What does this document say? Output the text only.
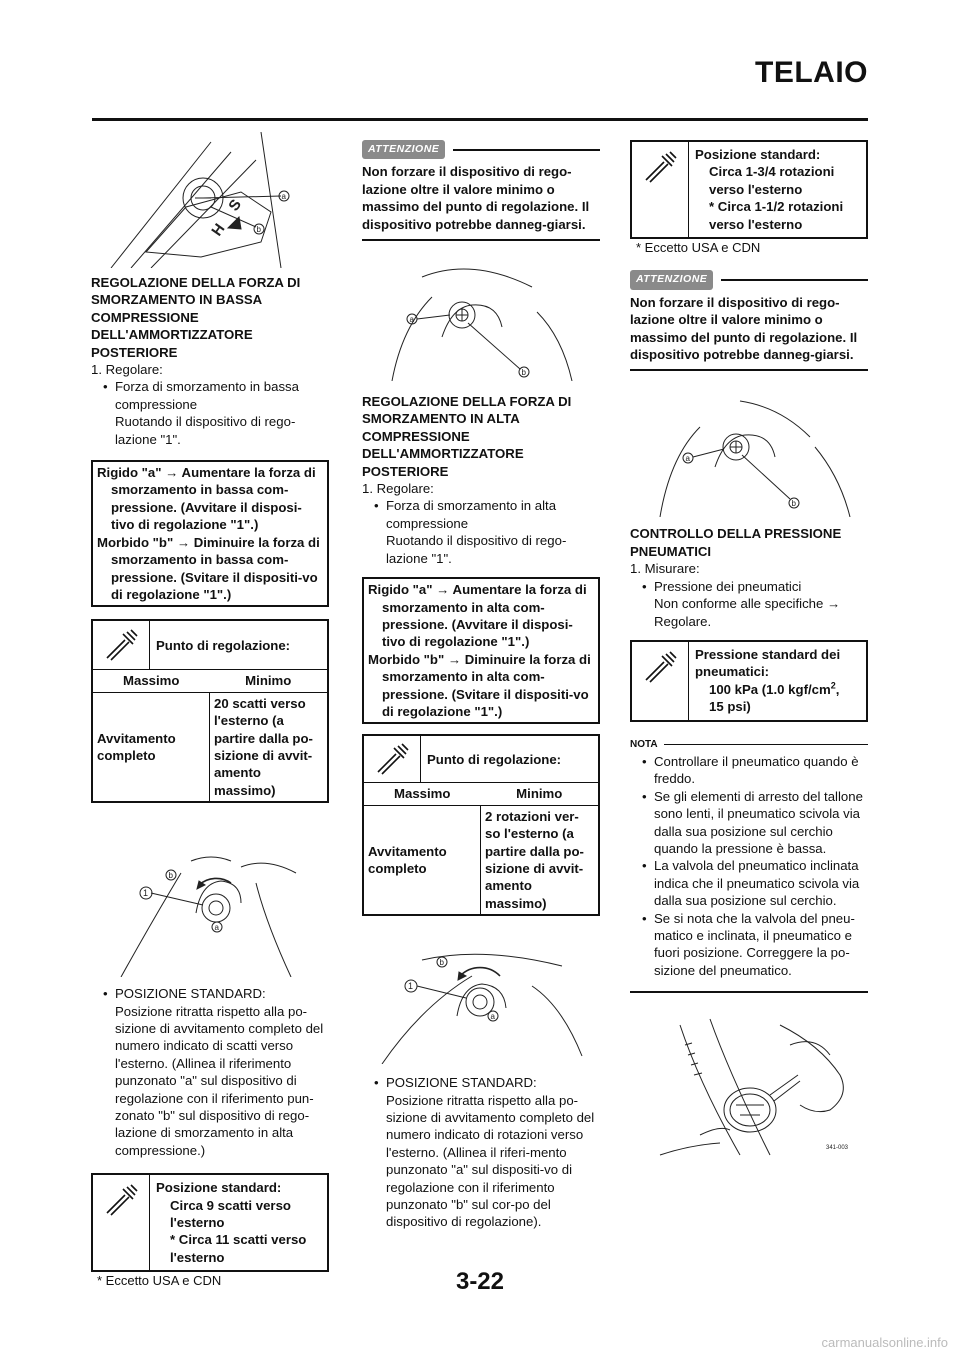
TELAIO
a
b
H
S

REGOLAZIONE DELLA FORZA DI SMORZAMENTO IN BASSA COMPRESSIONE DELL'AMMORTIZZATORE POSTERIORE

1. Regolare:

• Forza di smorzamento in bassa compressione

Ruotando il dispositivo di rego-lazione "1".

Rigido "a" → Aumentare la forza di smorzamento in bassa com-pressione. (Avvitare il disposi-tivo di regolazione "1".)
Morbido "b" → Diminuire la forza di smorzamento in bassa com-pressione. (Svitare il dispositi-vo di regolazione "1".)
Punto di regolazione:
Massimo	Minimo
Avvitamento completo	20 scatti verso l'esterno (a partire dalla po-sizione di avvit-amento massimo)
1
b
a

• POSIZIONE STANDARD:

Posizione ritratta rispetto alla po-sizione di avvitamento completo del numero indicato di scatti verso l'esterno. (Allinea il riferimento punzonato "a" sul dispositivo di regolazione con il riferimento pun-zonato "b" sul dispositivo di rego-lazione di smorzamento in alta compressione.)

Posizione standard:
Circa 9 scatti verso l'esterno
* Circa 11 scatti verso l'esterno
* Eccetto USA e CDN
ATTENZIONE
Non forzare il dispositivo di rego-lazione oltre il valore minimo o massimo del punto di regolazione. Il dispositivo potrebbe danneg-giarsi.
a
b

REGOLAZIONE DELLA FORZA DI SMORZAMENTO IN ALTA COMPRESSIONE DELL'AMMORTIZZATORE POSTERIORE

1. Regolare:

• Forza di smorzamento in alta compressione

Ruotando il dispositivo di rego-lazione "1".

Rigido "a" → Aumentare la forza di smorzamento in alta com-pressione. (Avvitare il disposi-tivo di regolazione "1".)
Morbido "b" → Diminuire la forza di smorzamento in alta com-pressione. (Svitare il dispositi-vo di regolazione "1".)
Punto di regolazione:
Massimo	Minimo
Avvitamento completo	2 rotazioni ver-so l'esterno (a partire dalla po-sizione di avvit-amento massimo)
1
b
a

• POSIZIONE STANDARD:

Posizione ritratta rispetto alla po-sizione di avvitamento completo del numero indicato di rotazioni verso l'esterno. (Allinea il riferi-mento punzonato "a" sul dispositi-vo di regolazione con il riferimento punzonato "b" sul cor-po del dispositivo di regolazione).

Posizione standard:
Circa 1-3/4 rotazioni verso l'esterno
* Circa 1-1/2 rotazioni verso l'esterno
* Eccetto USA e CDN
ATTENZIONE
Non forzare il dispositivo di rego-lazione oltre il valore minimo o massimo del punto di regolazione. Il dispositivo potrebbe danneg-giarsi.
a
b

CONTROLLO DELLA PRESSIONE PNEUMATICI

1. Misurare:

• Pressione dei pneumatici

Non conforme alle specifiche →

Regolare.

Pressione standard dei pneumatici:
100 kPa (1.0 kgf/$cm^2$,
15 psi)
NOTA

• Controllare il pneumatico quando è freddo.

• Se gli elementi di arresto del tallone sono lenti, il pneumatico scivola via dalla sua posizione sul cerchio quando la pressione è bassa.

• La valvola del pneumatico inclinata indica che il pneumatico scivola via dalla sua posizione sul cerchio.

• Se si nota che la valvola del pneu-matico e inclinata, il pneumatico e fuori posizione. Correggere la po-sizione del pneumatico.

341-003
3-22
carmanualsonline.info
